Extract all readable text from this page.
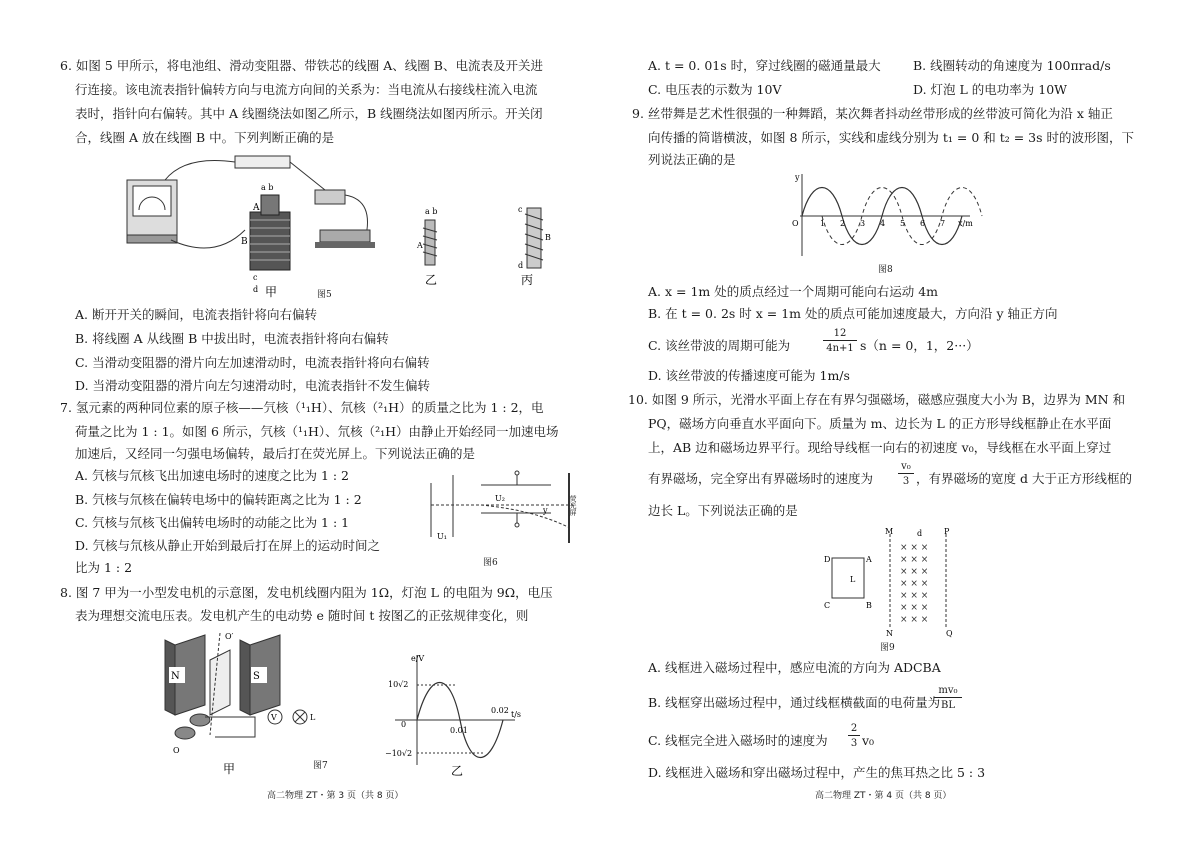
6. 如图 5 甲所示，将电池组、滑动变阻器、带铁芯的线圈 A、线圈 B、电流表及开关进
行连接。该电流表指针偏转方向与电流方向间的关系为：当电流从右接线柱流入电流
表时，指针向右偏转。其中 A 线圈绕法如图乙所示，B 线圈绕法如图丙所示。开关闭
合，线圈 A 放在线圈 B 中。下列判断正确的是
A
B
a b
c
d 甲
a b
A
乙
c
B
d
丙
图5
A. 断开开关的瞬间，电流表指针将向右偏转
B. 将线圈 A 从线圈 B 中拔出时，电流表指针将向右偏转
C. 当滑动变阻器的滑片向左加速滑动时，电流表指针将向右偏转
D. 当滑动变阻器的滑片向左匀速滑动时，电流表指针不发生偏转
7. 氢元素的两种同位素的原子核——氕核（¹₁H）、氘核（²₁H）的质量之比为 1 : 2，电
荷量之比为 1 : 1。如图 6 所示，氕核（¹₁H）、氘核（²₁H）由静止开始经同一加速电场
加速后，又经同一匀强电场偏转，最后打在荧光屏上。下列说法正确的是
A. 氕核与氘核飞出加速电场时的速度之比为 1 : 2
B. 氕核与氘核在偏转电场中的偏转距离之比为 1 : 2
C. 氕核与氘核飞出偏转电场时的动能之比为 1 : 1
D. 氕核与氘核从静止开始到最后打在屏上的运动时间之
比为 1 : 2
U₂
y
U₁
荧光屏
图6
8. 图 7 甲为一小型发电机的示意图，发电机线圈内阻为 1Ω，灯泡 L 的电阻为 9Ω，电压
表为理想交流电压表。发电机产生的电动势 e 随时间 t 按图乙的正弦规律变化，则
N	S
O′
O
V	L
甲
e/V
t/s
0
10√2
−10√2
0.01
0.02
乙
图7
高二物理 ZT・第 3 页（共 8 页）
A. t = 0. 01s 时，穿过线圈的磁通量最大	B. 线圈转动的角速度为 100πrad/s
C. 电压表的示数为 10V	D. 灯泡 L 的电功率为 10W
9. 丝带舞是艺术性很强的一种舞蹈，某次舞者抖动丝带形成的丝带波可简化为沿 x 轴正
向传播的简谐横波，如图 8 所示，实线和虚线分别为 t₁ = 0 和 t₂ = 3s 时的波形图，下
列说法正确的是
y
x/m
O	1 2 3 4 5 6 7
图8
A. x = 1m 处的质点经过一个周期可能向右运动 4m
B. 在 t = 0. 2s 时 x = 1m 处的质点可能加速度最大，方向沿 y 轴正方向
C. 该丝带波的周期可能为
12
4n+1 s（n = 0，1，2···）
D. 该丝带波的传播速度可能为 1m/s
10. 如图 9 所示，光滑水平面上存在有界匀强磁场，磁感应强度大小为 B，边界为 MN 和
PQ，磁场方向垂直水平面向下。质量为 m、边长为 L 的正方形导线框静止在水平面
上，AB 边和磁场边界平行。现给导线框一向右的初速度 v₀，导线框在水平面上穿过
有界磁场，完全穿出有界磁场时的速度为
v₀
3 ，有界磁场的宽度 d 大于正方形线框的
边长 L。下列说法正确的是
D	A
C	B
L
M	P
N	Q
d
× × ×
× × ×
× × ×
× × ×
× × ×
× × ×
× × ×
图9
A. 线框进入磁场过程中，感应电流的方向为 ADCBA
B. 线框穿出磁场过程中，通过线框横截面的电荷量为
mv₀
BL
C. 线框完全进入磁场时的速度为
2
3 v₀
D. 线框进入磁场和穿出磁场过程中，产生的焦耳热之比 5 : 3
高二物理 ZT・第 4 页（共 8 页）
